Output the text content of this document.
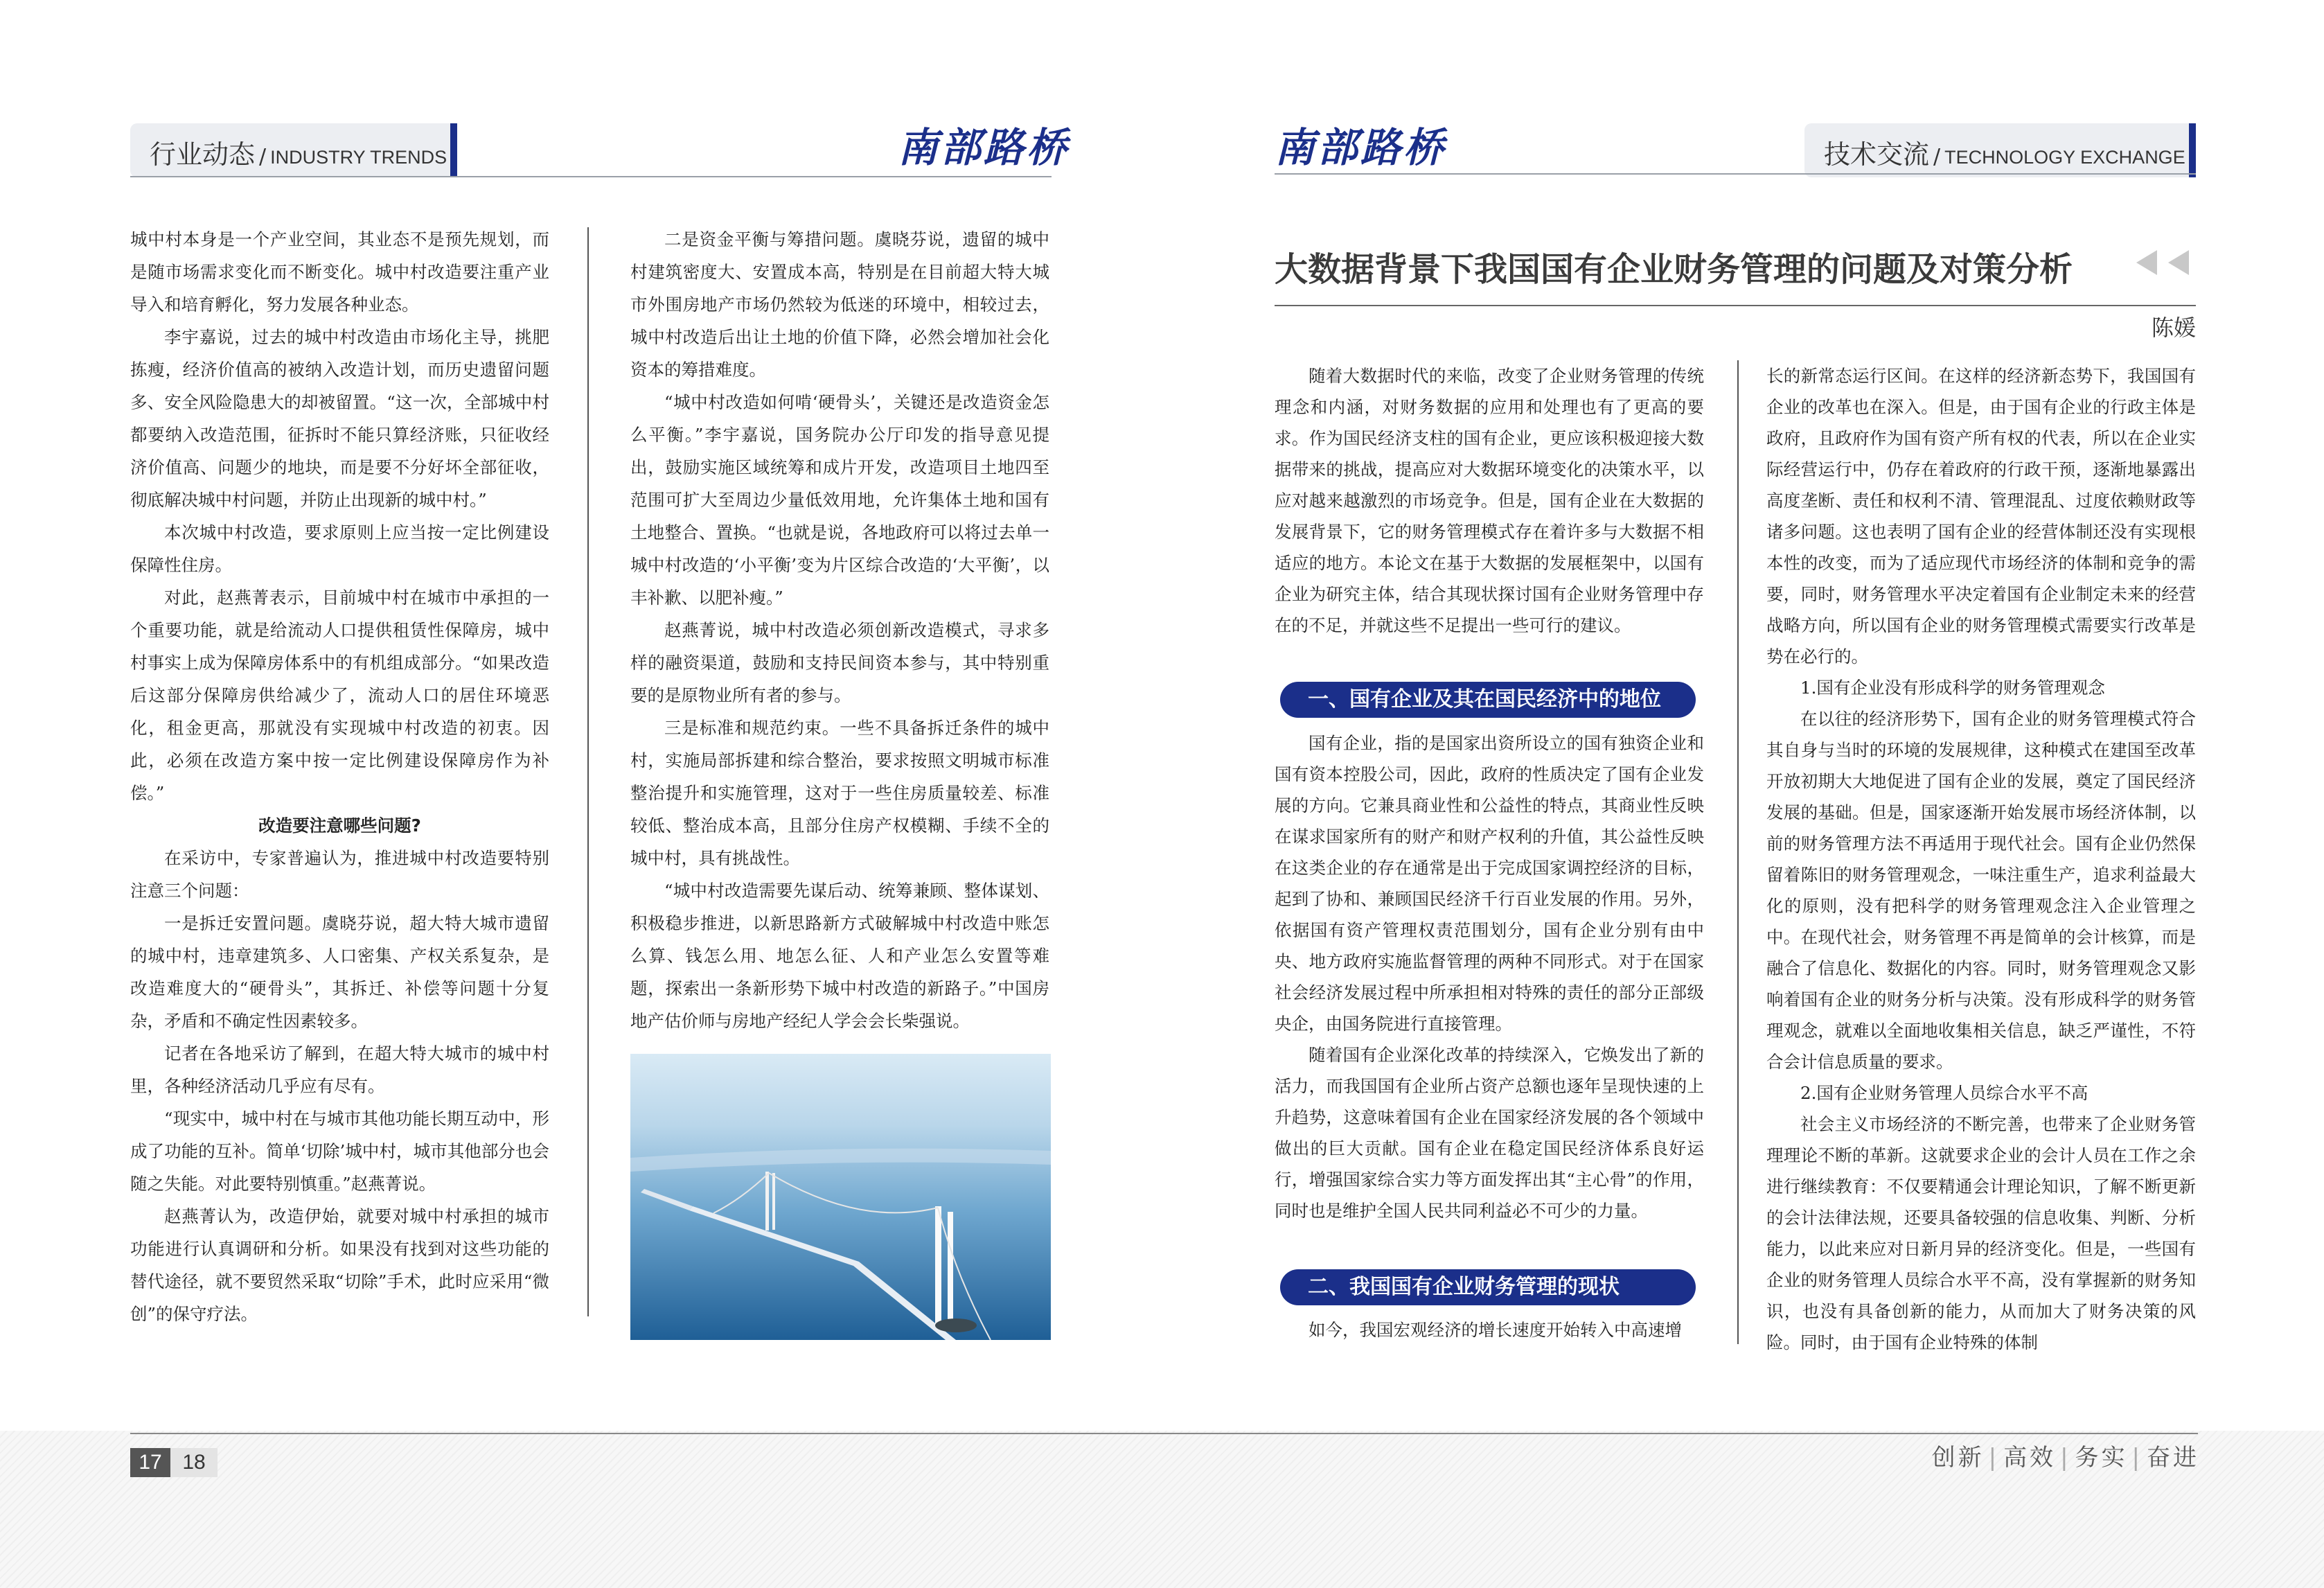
行业动态 / INDUSTRY TRENDS	南部路桥

城中村本身是一个产业空间，其业态不是预先规划，而是随市场需求变化而不断变化。城中村改造要注重产业导入和培育孵化，努力发展各种业态。

李宇嘉说，过去的城中村改造由市场化主导，挑肥拣瘦，经济价值高的被纳入改造计划，而历史遗留问题多、安全风险隐患大的却被留置。“这一次，全部城中村都要纳入改造范围，征拆时不能只算经济账，只征收经济价值高、问题少的地块，而是要不分好坏全部征收，彻底解决城中村问题，并防止出现新的城中村。”

本次城中村改造，要求原则上应当按一定比例建设保障性住房。

对此，赵燕菁表示，目前城中村在城市中承担的一个重要功能，就是给流动人口提供租赁性保障房，城中村事实上成为保障房体系中的有机组成部分。“如果改造后这部分保障房供给减少了，流动人口的居住环境恶化，租金更高，那就没有实现城中村改造的初衷。因此，必须在改造方案中按一定比例建设保障房作为补偿。”

改造要注意哪些问题?

在采访中，专家普遍认为，推进城中村改造要特别注意三个问题：

一是拆迁安置问题。虞晓芬说，超大特大城市遗留的城中村，违章建筑多、人口密集、产权关系复杂，是改造难度大的“硬骨头”，其拆迁、补偿等问题十分复杂，矛盾和不确定性因素较多。

记者在各地采访了解到，在超大特大城市的城中村里，各种经济活动几乎应有尽有。

“现实中，城中村在与城市其他功能长期互动中，形成了功能的互补。简单‘切除’城中村，城市其他部分也会随之失能。对此要特别慎重。”赵燕菁说。

赵燕菁认为，改造伊始，就要对城中村承担的城市功能进行认真调研和分析。如果没有找到对这些功能的替代途径，就不要贸然采取“切除”手术，此时应采用“微创”的保守疗法。

二是资金平衡与筹措问题。虞晓芬说，遗留的城中村建筑密度大、安置成本高，特别是在目前超大特大城市外围房地产市场仍然较为低迷的环境中，相较过去，城中村改造后出让土地的价值下降，必然会增加社会化资本的筹措难度。

“城中村改造如何啃‘硬骨头’，关键还是改造资金怎么平衡。”李宇嘉说，国务院办公厅印发的指导意见提出，鼓励实施区域统筹和成片开发，改造项目土地四至范围可扩大至周边少量低效用地，允许集体土地和国有土地整合、置换。“也就是说，各地政府可以将过去单一城中村改造的‘小平衡’变为片区综合改造的‘大平衡’，以丰补歉、以肥补瘦。”

赵燕菁说，城中村改造必须创新改造模式，寻求多样的融资渠道，鼓励和支持民间资本参与，其中特别重要的是原物业所有者的参与。

三是标准和规范约束。一些不具备拆迁条件的城中村，实施局部拆建和综合整治，要求按照文明城市标准整治提升和实施管理，这对于一些住房质量较差、标准较低、整治成本高，且部分住房产权模糊、手续不全的城中村，具有挑战性。

“城中村改造需要先谋后动、统筹兼顾、整体谋划、积极稳步推进，以新思路新方式破解城中村改造中账怎么算、钱怎么用、地怎么征、人和产业怎么安置等难题，探索出一条新形势下城中村改造的新路子。”中国房地产估价师与房地产经纪人学会会长柴强说。

南部路桥	技术交流 / TECHNOLOGY EXCHANGE
大数据背景下我国国有企业财务管理的问题及对策分析
陈媛

随着大数据时代的来临，改变了企业财务管理的传统理念和内涵，对财务数据的应用和处理也有了更高的要求。作为国民经济支柱的国有企业，更应该积极迎接大数据带来的挑战，提高应对大数据环境变化的决策水平，以应对越来越激烈的市场竞争。但是，国有企业在大数据的发展背景下，它的财务管理模式存在着许多与大数据不相适应的地方。本论文在基于大数据的发展框架中，以国有企业为研究主体，结合其现状探讨国有企业财务管理中存在的不足，并就这些不足提出一些可行的建议。

一、国有企业及其在国民经济中的地位

国有企业，指的是国家出资所设立的国有独资企业和国有资本控股公司，因此，政府的性质决定了国有企业发展的方向。它兼具商业性和公益性的特点，其商业性反映在谋求国家所有的财产和财产权利的升值，其公益性反映在这类企业的存在通常是出于完成国家调控经济的目标，起到了协和、兼顾国民经济千行百业发展的作用。另外，依据国有资产管理权责范围划分，国有企业分别有由中央、地方政府实施监督管理的两种不同形式。对于在国家社会经济发展过程中所承担相对特殊的责任的部分正部级央企，由国务院进行直接管理。

随着国有企业深化改革的持续深入，它焕发出了新的活力，而我国国有企业所占资产总额也逐年呈现快速的上升趋势，这意味着国有企业在国家经济发展的各个领域中做出的巨大贡献。国有企业在稳定国民经济体系良好运行，增强国家综合实力等方面发挥出其“主心骨”的作用，同时也是维护全国人民共同利益必不可少的力量。

二、我国国有企业财务管理的现状

如今，我国宏观经济的增长速度开始转入中高速增

长的新常态运行区间。在这样的经济新态势下，我国国有企业的改革也在深入。但是，由于国有企业的行政主体是政府，且政府作为国有资产所有权的代表，所以在企业实际经营运行中，仍存在着政府的行政干预，逐渐地暴露出高度垄断、责任和权利不清、管理混乱、过度依赖财政等诸多问题。这也表明了国有企业的经营体制还没有实现根本性的改变，而为了适应现代市场经济的体制和竞争的需要，同时，财务管理水平决定着国有企业制定未来的经营战略方向，所以国有企业的财务管理模式需要实行改革是势在必行的。

1.国有企业没有形成科学的财务管理观念

在以往的经济形势下，国有企业的财务管理模式符合其自身与当时的环境的发展规律，这种模式在建国至改革开放初期大大地促进了国有企业的发展，奠定了国民经济发展的基础。但是，国家逐渐开始发展市场经济体制，以前的财务管理方法不再适用于现代社会。国有企业仍然保留着陈旧的财务管理观念，一味注重生产，追求利益最大化的原则，没有把科学的财务管理观念注入企业管理之中。在现代社会，财务管理不再是简单的会计核算，而是融合了信息化、数据化的内容。同时，财务管理观念又影响着国有企业的财务分析与决策。没有形成科学的财务管理观念，就难以全面地收集相关信息，缺乏严谨性，不符合会计信息质量的要求。

2.国有企业财务管理人员综合水平不高

社会主义市场经济的不断完善，也带来了企业财务管理理论不断的革新。这就要求企业的会计人员在工作之余进行继续教育：不仅要精通会计理论知识，了解不断更新的会计法律法规，还要具备较强的信息收集、判断、分析能力，以此来应对日新月异的经济变化。但是，一些国有企业的财务管理人员综合水平不高，没有掌握新的财务知识，也没有具备创新的能力，从而加大了财务决策的风险。同时，由于国有企业特殊的体制

17 18	创新 | 高效 | 务实 | 奋进
